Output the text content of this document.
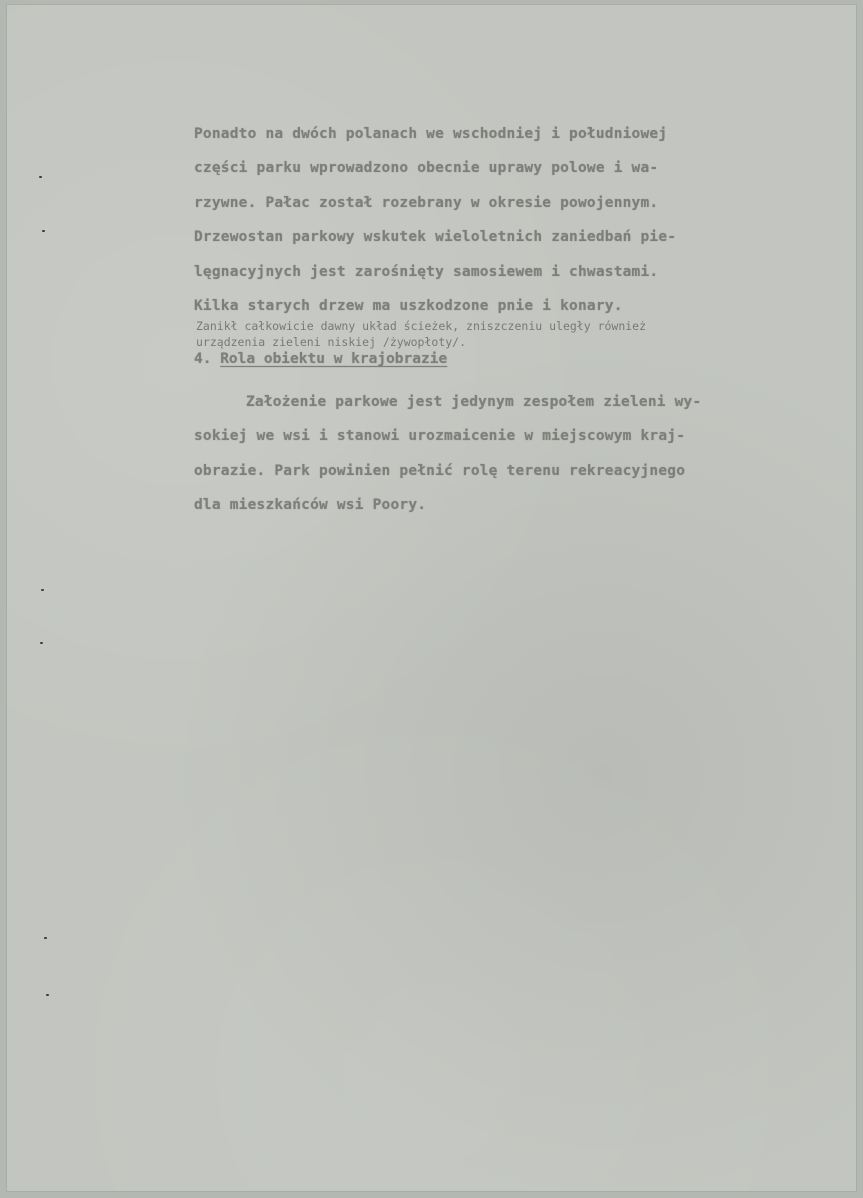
Ponadto na dwóch polanach we wschodniej i południowej
części parku wprowadzono obecnie uprawy polowe i wa-
rzywne. Pałac został rozebrany w okresie powojennym.
Drzewostan parkowy wskutek wieloletnich zaniedbań pie-
lęgnacyjnych jest zarośnięty samosiewem i chwastami.
Kilka starych drzew ma uszkodzone pnie i konary.
Zanikł całkowicie dawny układ ścieżek, zniszczeniu uległy również
urządzenia zieleni niskiej /żywopłoty/.
4. Rola obiektu w krajobrazie
Założenie parkowe jest jedynym zespołem zieleni wy-
sokiej we wsi i stanowi urozmaicenie w miejscowym kraj-
obrazie. Park powinien pełnić rolę terenu rekreacyjnego
dla mieszkańców wsi Poory.
